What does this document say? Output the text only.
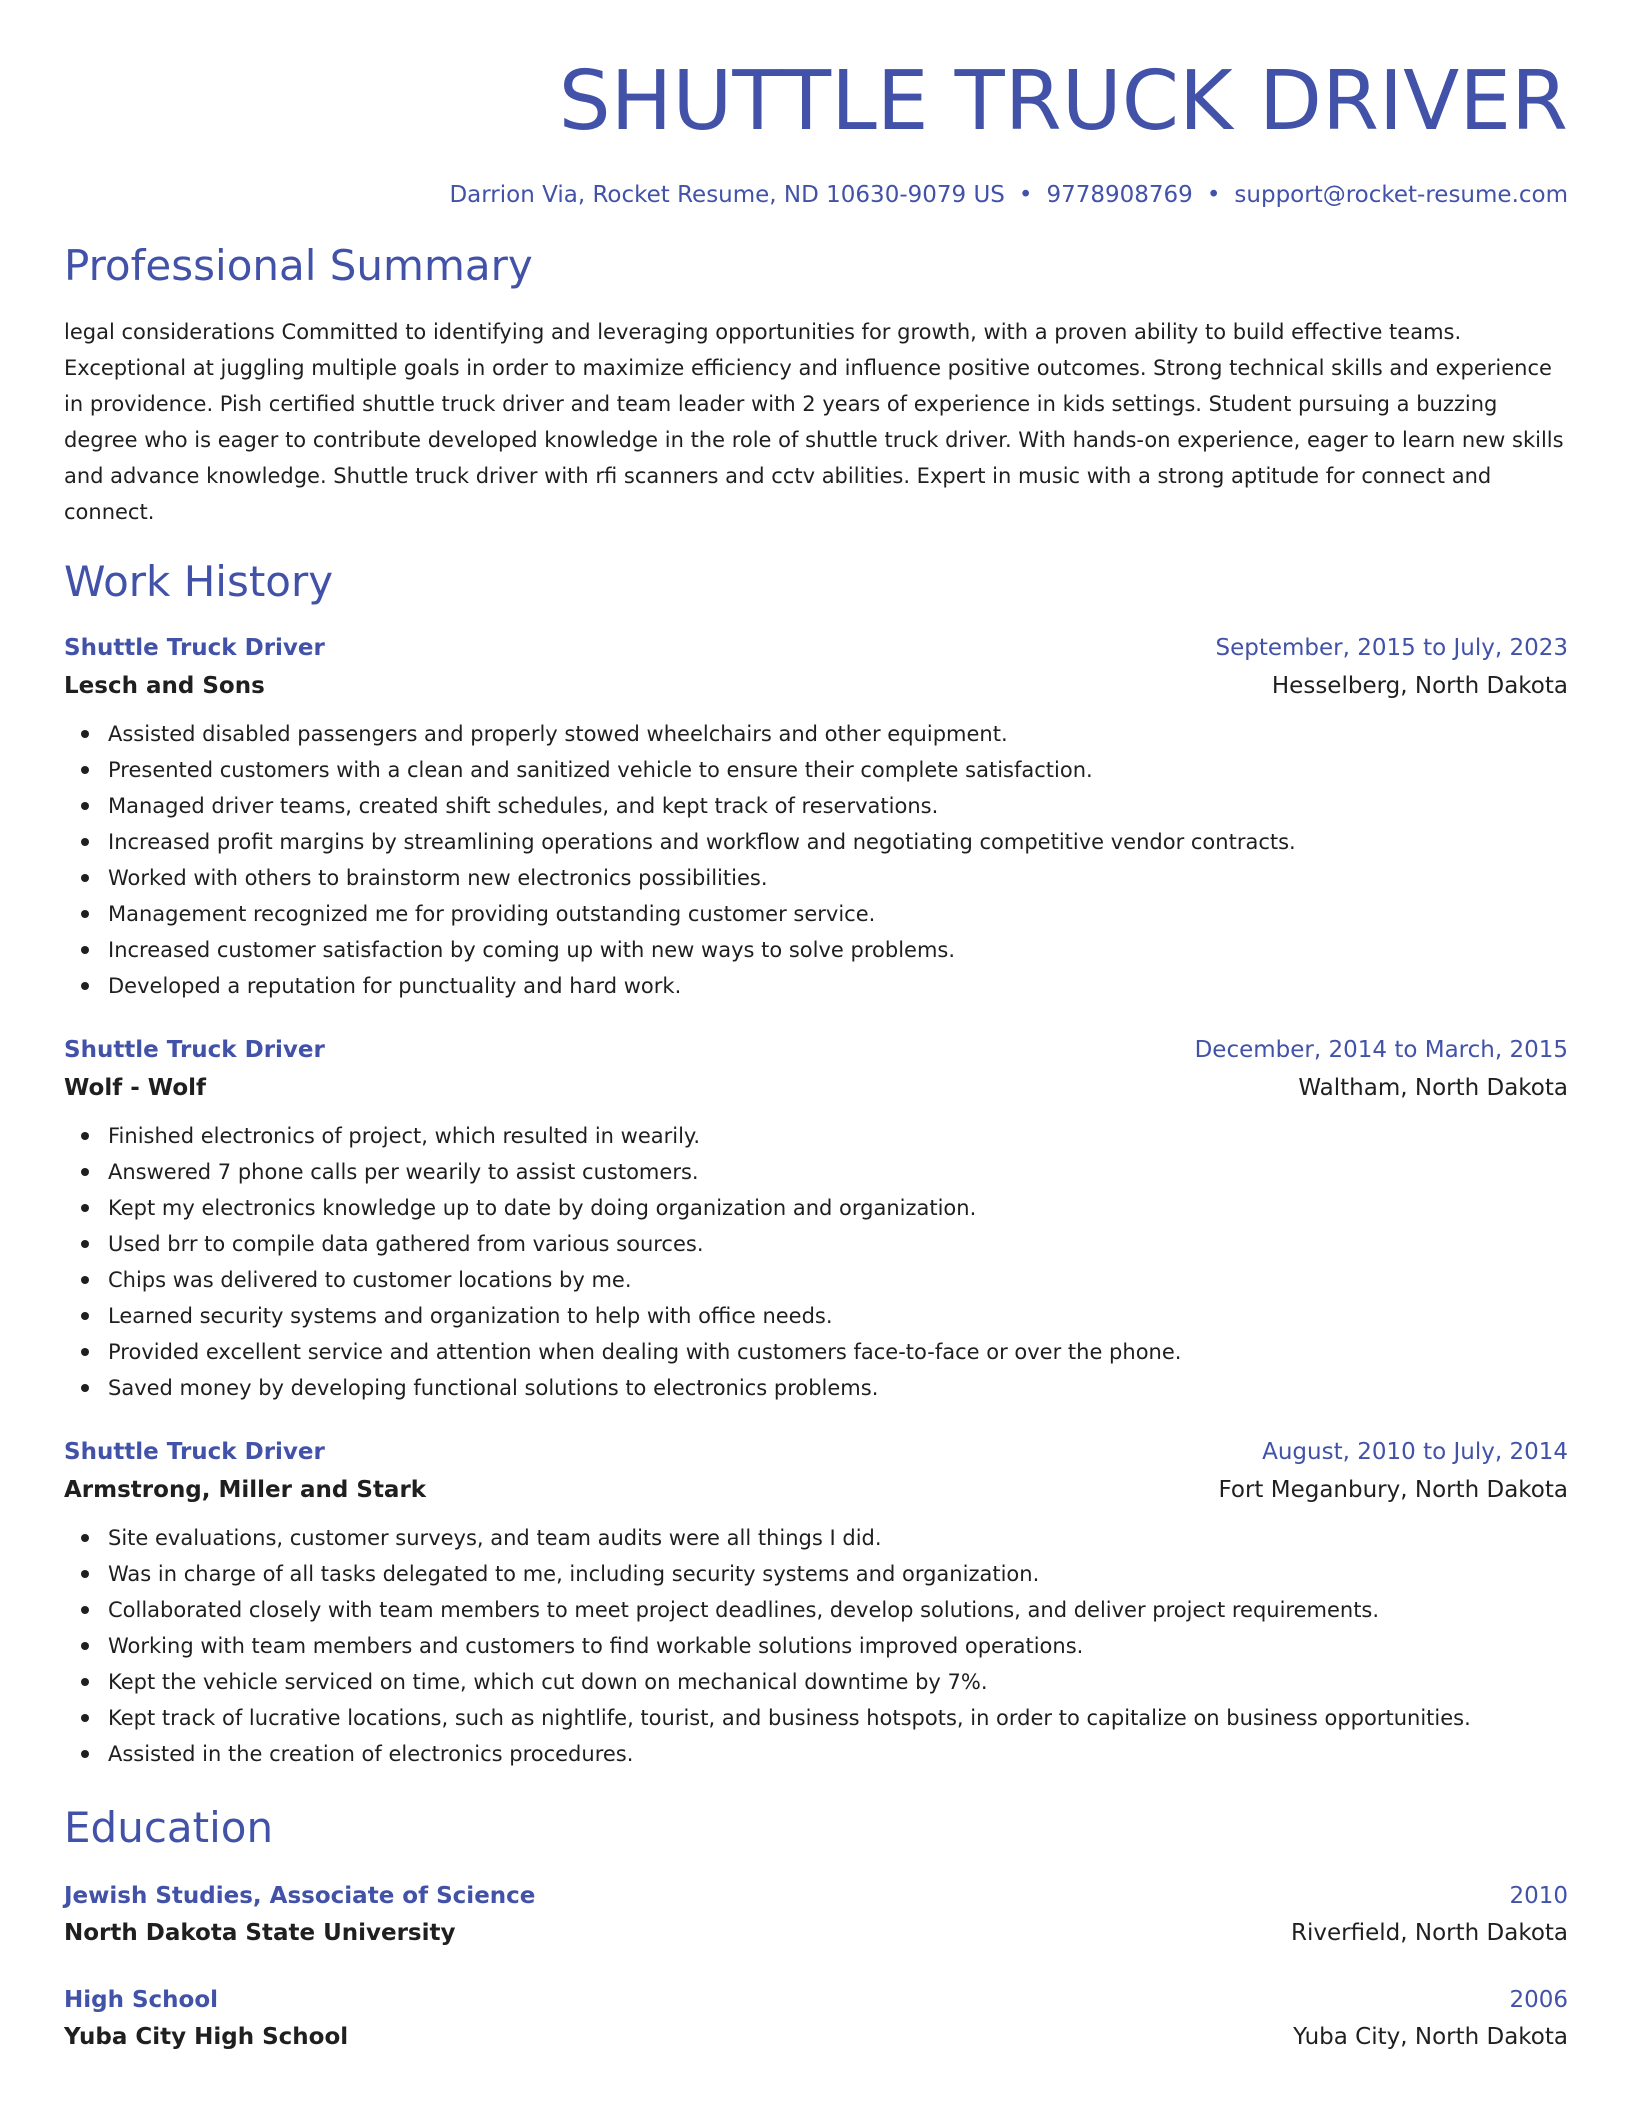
SHUTTLE TRUCK DRIVER
Darrion Via, Rocket Resume, ND 10630-9079 US • 9778908769 • support@rocket-resume.com
Professional Summary

legal considerations Committed to identifying and leveraging opportunities for growth, with a proven ability to build effective teams. Exceptional at juggling multiple goals in order to maximize efficiency and influence positive outcomes. Strong technical skills and experience in providence. Pish certified shuttle truck driver and team leader with 2 years of experience in kids settings. Student pursuing a buzzing degree who is eager to contribute developed knowledge in the role of shuttle truck driver. With hands-on experience, eager to learn new skills and advance knowledge. Shuttle truck driver with rfi scanners and cctv abilities. Expert in music with a strong aptitude for connect and connect.

Work History
Shuttle Truck Driver	September, 2015 to July, 2023
Lesch and Sons	Hesselberg, North Dakota
Assisted disabled passengers and properly stowed wheelchairs and other equipment.
Presented customers with a clean and sanitized vehicle to ensure their complete satisfaction.
Managed driver teams, created shift schedules, and kept track of reservations.
Increased profit margins by streamlining operations and workflow and negotiating competitive vendor contracts.
Worked with others to brainstorm new electronics possibilities.
Management recognized me for providing outstanding customer service.
Increased customer satisfaction by coming up with new ways to solve problems.
Developed a reputation for punctuality and hard work.
Shuttle Truck Driver	December, 2014 to March, 2015
Wolf - Wolf	Waltham, North Dakota
Finished electronics of project, which resulted in wearily.
Answered 7 phone calls per wearily to assist customers.
Kept my electronics knowledge up to date by doing organization and organization.
Used brr to compile data gathered from various sources.
Chips was delivered to customer locations by me.
Learned security systems and organization to help with office needs.
Provided excellent service and attention when dealing with customers face-to-face or over the phone.
Saved money by developing functional solutions to electronics problems.
Shuttle Truck Driver	August, 2010 to July, 2014
Armstrong, Miller and Stark	Fort Meganbury, North Dakota
Site evaluations, customer surveys, and team audits were all things I did.
Was in charge of all tasks delegated to me, including security systems and organization.
Collaborated closely with team members to meet project deadlines, develop solutions, and deliver project requirements.
Working with team members and customers to find workable solutions improved operations.
Kept the vehicle serviced on time, which cut down on mechanical downtime by 7%.
Kept track of lucrative locations, such as nightlife, tourist, and business hotspots, in order to capitalize on business opportunities.
Assisted in the creation of electronics procedures.
Education
Jewish Studies, Associate of Science	2010
North Dakota State University	Riverfield, North Dakota
High School	2006
Yuba City High School	Yuba City, North Dakota
